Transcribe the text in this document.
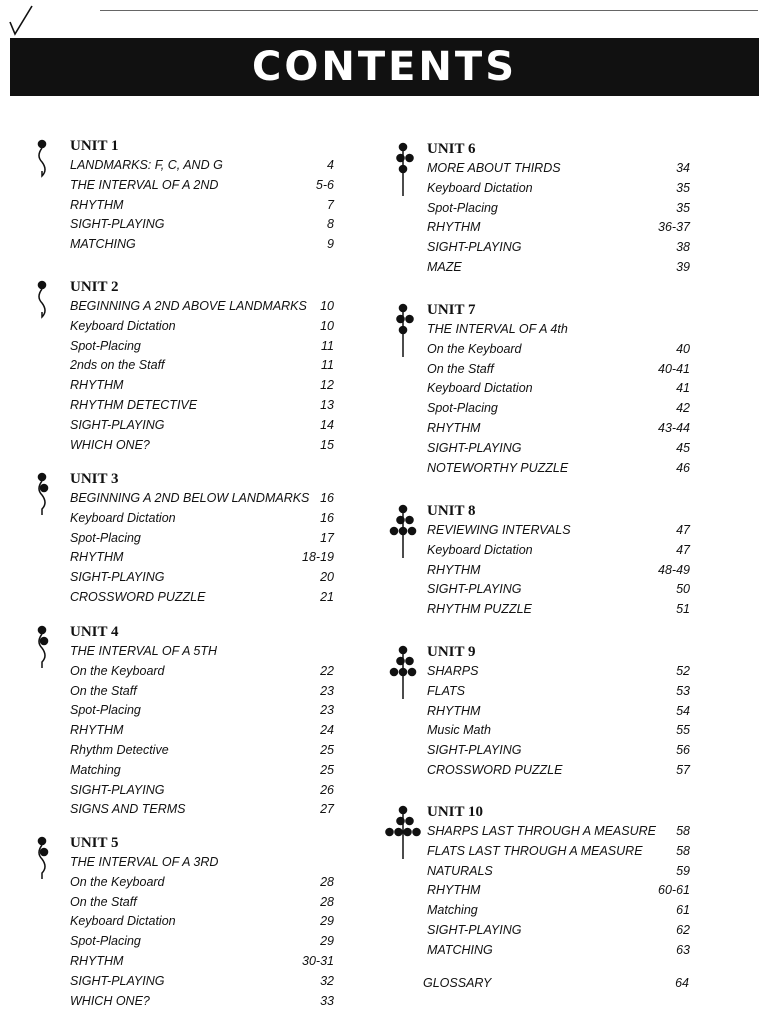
CONTENTS
UNIT 1
LANDMARKS: F, C, AND G	4
THE INTERVAL OF A 2ND	5-6
RHYTHM	7
SIGHT-PLAYING	8
MATCHING	9
UNIT 2
BEGINNING A 2ND ABOVE LANDMARKS 10
Keyboard Dictation	10
Spot-Placing	11
2nds on the Staff	11
RHYTHM	12
RHYTHM DETECTIVE	13
SIGHT-PLAYING	14
WHICH ONE?	15
UNIT 3
BEGINNING A 2ND BELOW LANDMARKS 16
Keyboard Dictation	16
Spot-Placing	17
RHYTHM	18-19
SIGHT-PLAYING	20
CROSSWORD PUZZLE	21
UNIT 4
THE INTERVAL OF A 5TH
On the Keyboard	22
On the Staff	23
Spot-Placing	23
RHYTHM	24
Rhythm Detective	25
Matching	25
SIGHT-PLAYING	26
SIGNS AND TERMS	27
UNIT 5
THE INTERVAL OF A 3RD
On the Keyboard	28
On the Staff	28
Keyboard Dictation	29
Spot-Placing	29
RHYTHM	30-31
SIGHT-PLAYING	32
WHICH ONE?	33
UNIT 6
MORE ABOUT THIRDS	34
Keyboard Dictation	35
Spot-Placing	35
RHYTHM	36-37
SIGHT-PLAYING	38
MAZE	39
UNIT 7
THE INTERVAL OF A 4th
On the Keyboard	40
On the Staff	40-41
Keyboard Dictation	41
Spot-Placing	42
RHYTHM	43-44
SIGHT-PLAYING	45
NOTEWORTHY PUZZLE	46
UNIT 8
REVIEWING INTERVALS	47
Keyboard Dictation	47
RHYTHM	48-49
SIGHT-PLAYING	50
RHYTHM PUZZLE	51
UNIT 9
SHARPS	52
FLATS	53
RHYTHM	54
Music Math	55
SIGHT-PLAYING	56
CROSSWORD PUZZLE	57
UNIT 10
SHARPS LAST THROUGH A MEASURE 58
FLATS LAST THROUGH A MEASURE	58
NATURALS	59
RHYTHM	60-61
Matching	61
SIGHT-PLAYING	62
MATCHING	63
GLOSSARY	64
